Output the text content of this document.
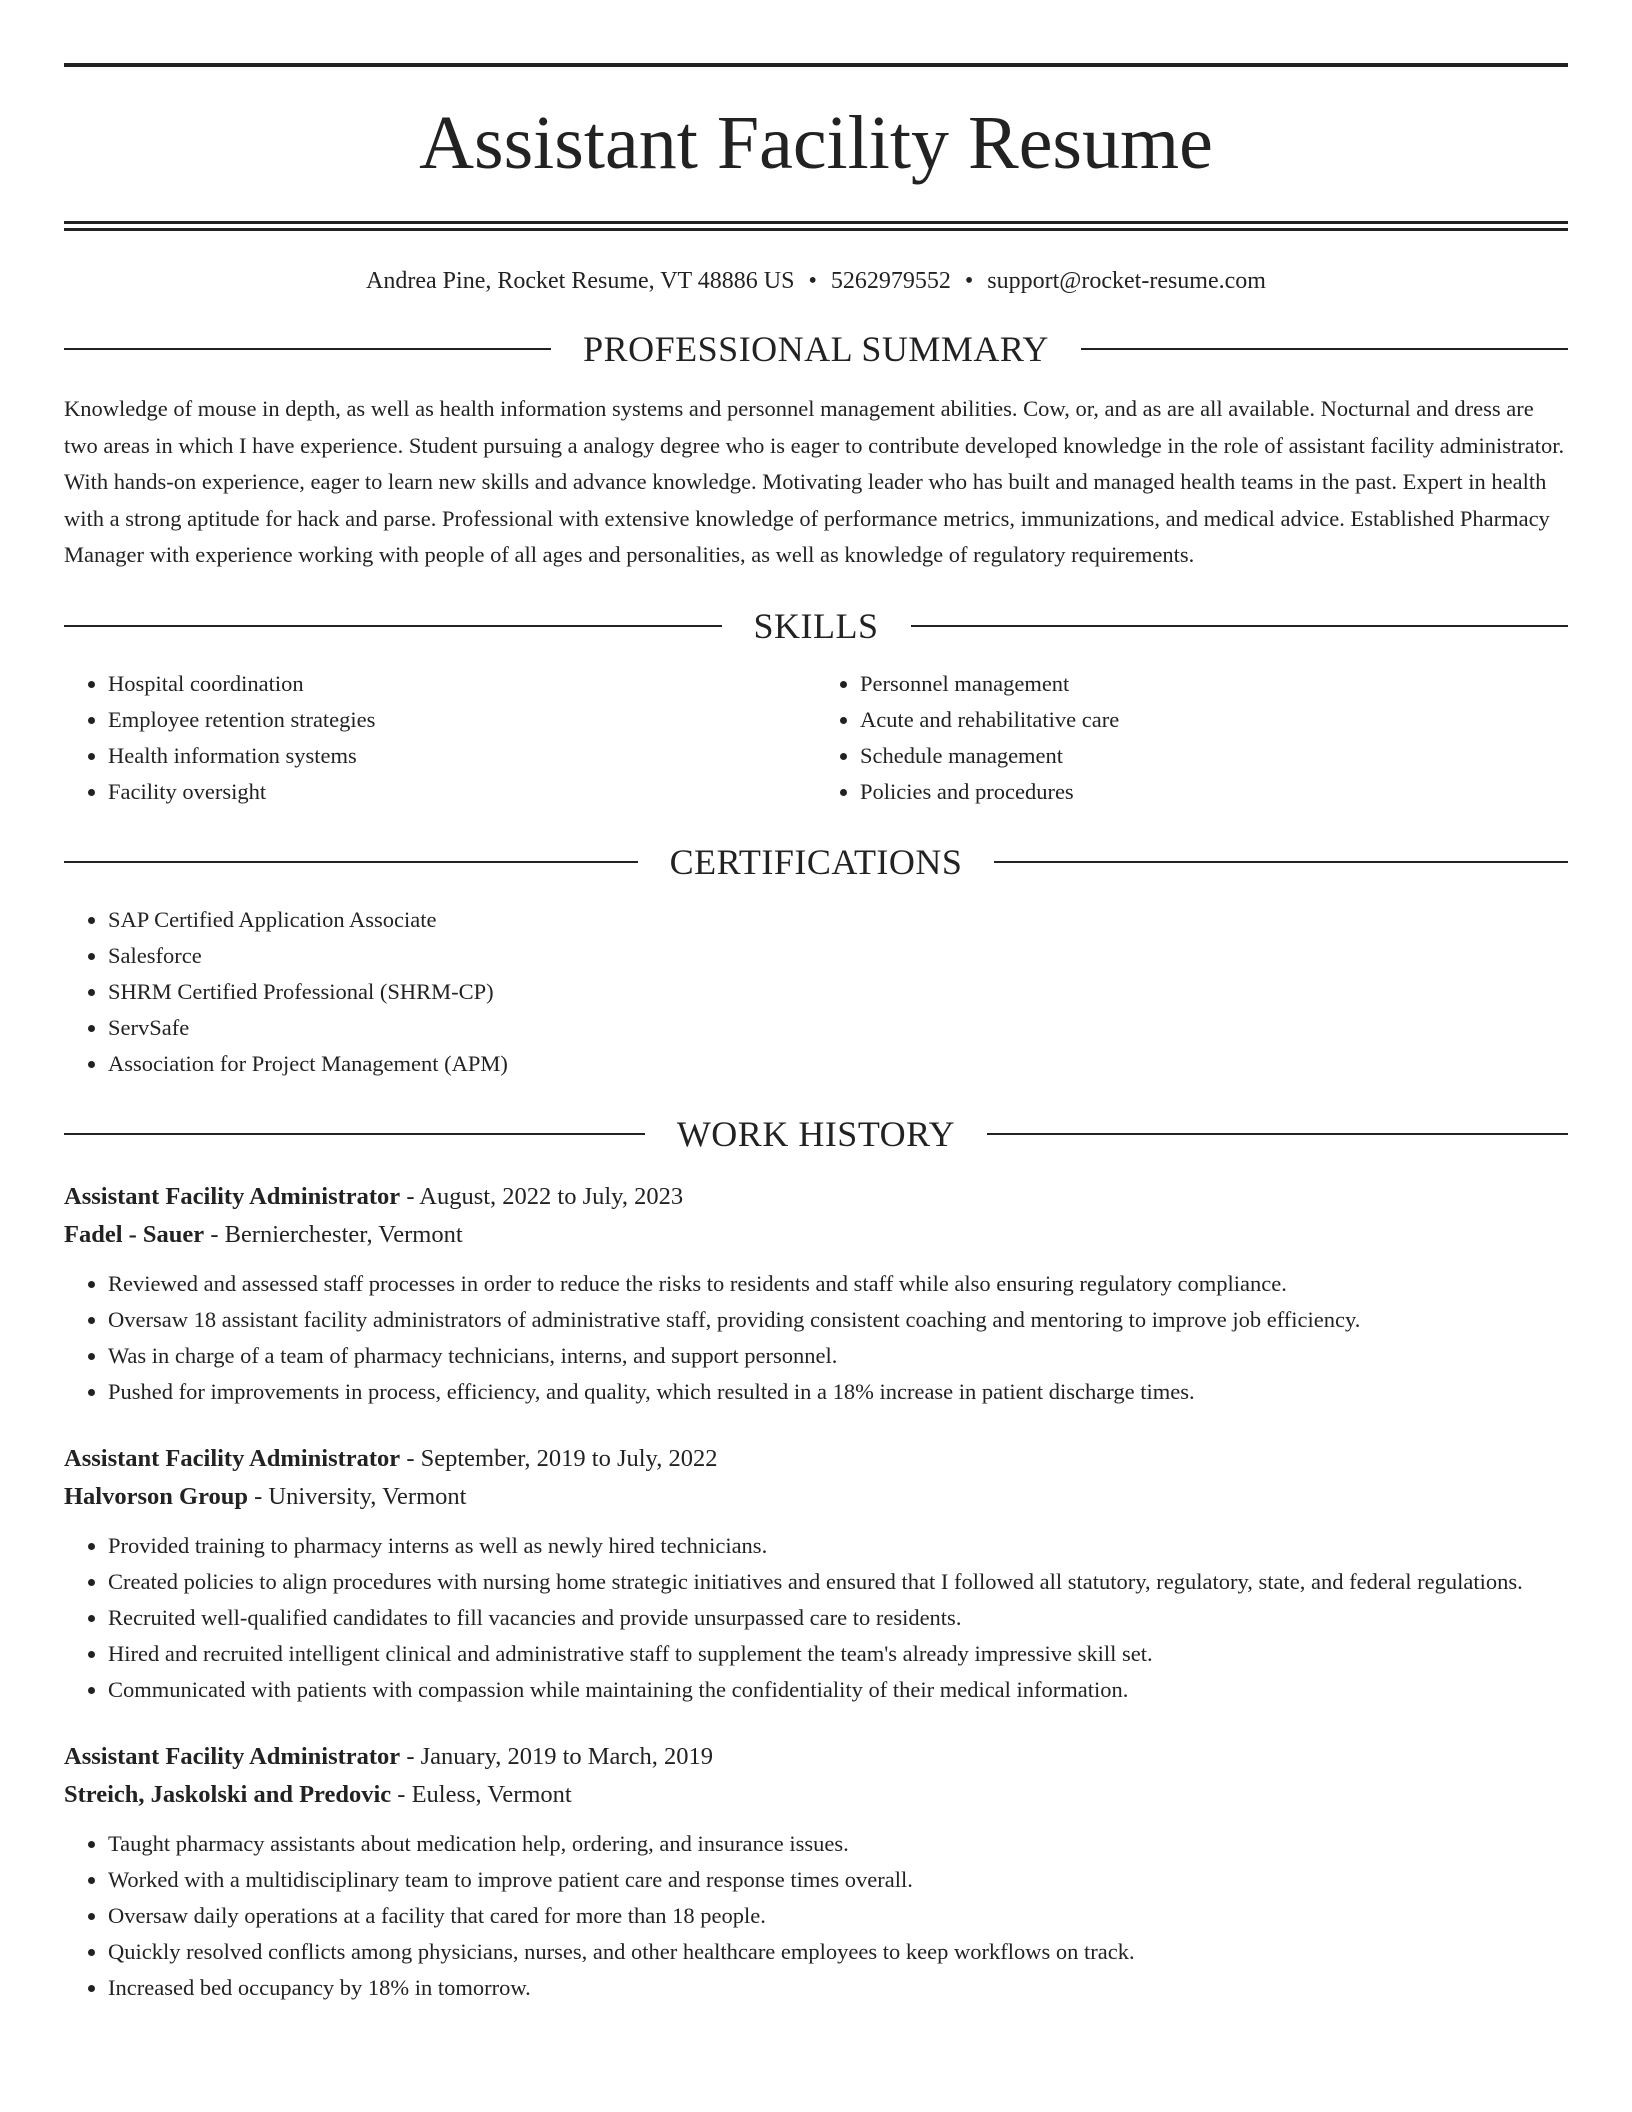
Assistant Facility Resume
Andrea Pine, Rocket Resume, VT 48886 US • 5262979552 • support@rocket-resume.com
PROFESSIONAL SUMMARY
Knowledge of mouse in depth, as well as health information systems and personnel management abilities. Cow, or, and as are all available. Nocturnal and dress are two areas in which I have experience. Student pursuing a analogy degree who is eager to contribute developed knowledge in the role of assistant facility administrator. With hands-on experience, eager to learn new skills and advance knowledge. Motivating leader who has built and managed health teams in the past. Expert in health with a strong aptitude for hack and parse. Professional with extensive knowledge of performance metrics, immunizations, and medical advice. Established Pharmacy Manager with experience working with people of all ages and personalities, as well as knowledge of regulatory requirements.
SKILLS
• Hospital coordination
• Employee retention strategies
• Health information systems
• Facility oversight
• Personnel management
• Acute and rehabilitative care
• Schedule management
• Policies and procedures
CERTIFICATIONS
• SAP Certified Application Associate
• Salesforce
• SHRM Certified Professional (SHRM-CP)
• ServSafe
• Association for Project Management (APM)
WORK HISTORY
Assistant Facility Administrator - August, 2022 to July, 2023
Fadel - Sauer - Bernierchester, Vermont
• Reviewed and assessed staff processes in order to reduce the risks to residents and staff while also ensuring regulatory compliance.
• Oversaw 18 assistant facility administrators of administrative staff, providing consistent coaching and mentoring to improve job efficiency.
• Was in charge of a team of pharmacy technicians, interns, and support personnel.
• Pushed for improvements in process, efficiency, and quality, which resulted in a 18% increase in patient discharge times.
Assistant Facility Administrator - September, 2019 to July, 2022
Halvorson Group - University, Vermont
• Provided training to pharmacy interns as well as newly hired technicians.
• Created policies to align procedures with nursing home strategic initiatives and ensured that I followed all statutory, regulatory, state, and federal regulations.
• Recruited well-qualified candidates to fill vacancies and provide unsurpassed care to residents.
• Hired and recruited intelligent clinical and administrative staff to supplement the team's already impressive skill set.
• Communicated with patients with compassion while maintaining the confidentiality of their medical information.
Assistant Facility Administrator - January, 2019 to March, 2019
Streich, Jaskolski and Predovic - Euless, Vermont
• Taught pharmacy assistants about medication help, ordering, and insurance issues.
• Worked with a multidisciplinary team to improve patient care and response times overall.
• Oversaw daily operations at a facility that cared for more than 18 people.
• Quickly resolved conflicts among physicians, nurses, and other healthcare employees to keep workflows on track.
• Increased bed occupancy by 18% in tomorrow.
